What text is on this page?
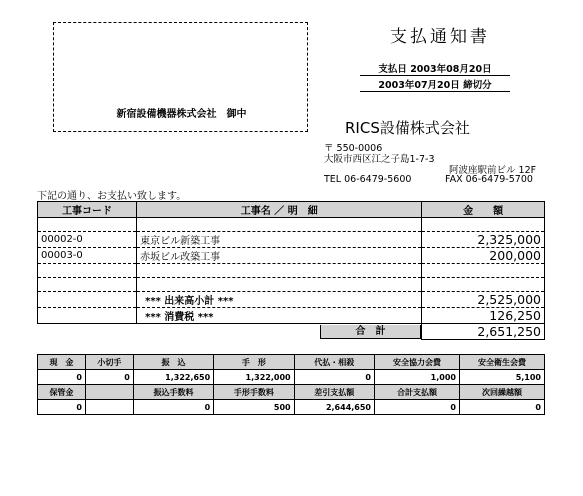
新宿設備機器株式会社　御中
支払通知書
支払日 2003年08月20日
2003年07月20日 締切分
RICS設備株式会社
〒 550-0006
大阪市西区江之子島1-7-3
阿波座駅前ビル 12F
TEL 06-6479-5600	FAX 06-6479-5700
下記の通り、お支払い致します。
工事コード	工事名 ／ 明　細	金　　額

00002-0	東京ビル新築工事	2,325,000
00003-0	赤坂ビル改築工事	200,000

	*** 出来高小計 ***	2,525,000
	*** 消費税 ***	126,250

	合　計	2,651,250
現　金	小切手	振　込	手　形	代払・相殺	安全協力会費	安全衛生会費
0	0	1,322,650	1,322,000	0	1,000	5,100
保管金		振込手数料	手形手数料	差引支払額	合計支払額	次回繰越額
0		0	500	2,644,650	0	0
